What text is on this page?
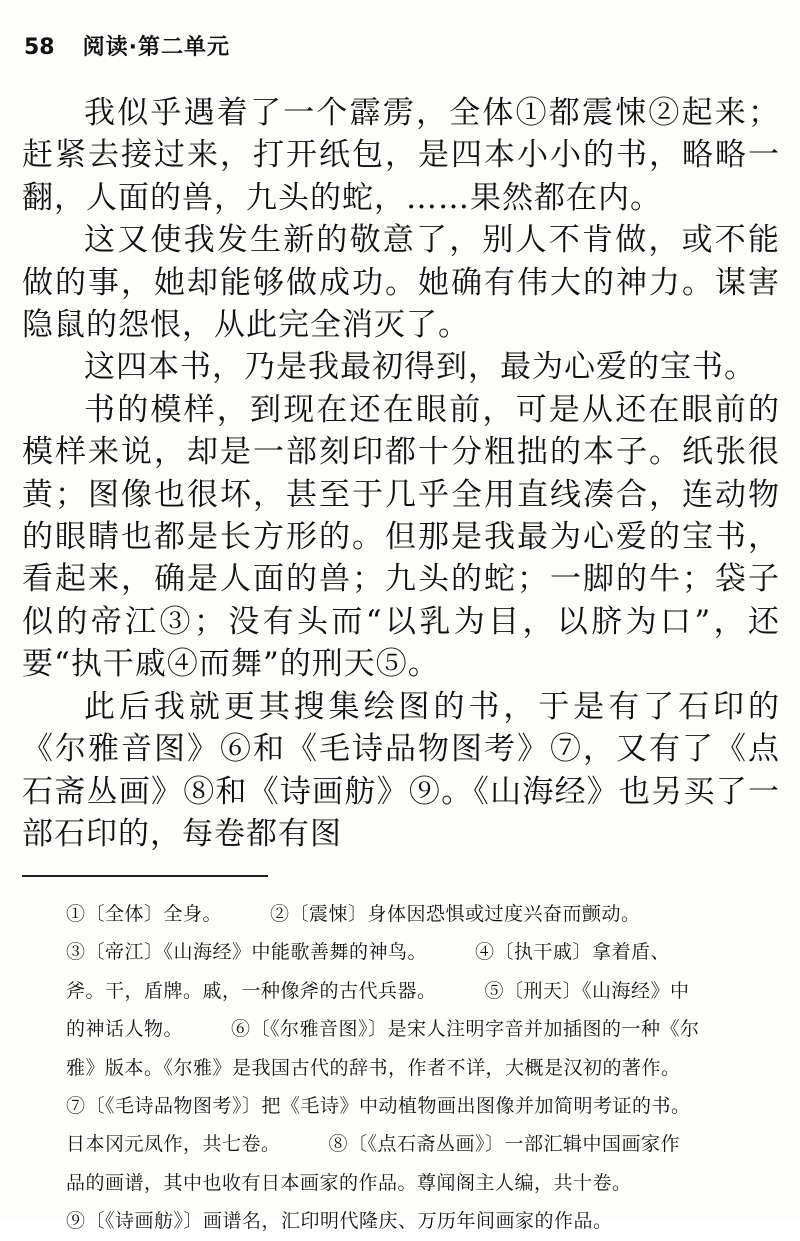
58 阅读·第二单元

我似乎遇着了一个霹雳，全体①都震悚②起来；赶紧去接过来，打开纸包，是四本小小的书，略略一翻，人面的兽，九头的蛇，……果然都在内。

这又使我发生新的敬意了，别人不肯做，或不能做的事，她却能够做成功。她确有伟大的神力。谋害隐鼠的怨恨，从此完全消灭了。

这四本书，乃是我最初得到，最为心爱的宝书。

书的模样，到现在还在眼前，可是从还在眼前的模样来说，却是一部刻印都十分粗拙的本子。纸张很黄；图像也很坏，甚至于几乎全用直线凑合，连动物的眼睛也都是长方形的。但那是我最为心爱的宝书，看起来，确是人面的兽；九头的蛇；一脚的牛；袋子似的帝江③；没有头而“以乳为目，以脐为口”，还要“执干戚④而舞”的刑天⑤。

此后我就更其搜集绘图的书，于是有了石印的《尔雅音图》⑥和《毛诗品物图考》⑦，又有了《点石斋丛画》⑧和《诗画舫》⑨。《山海经》也另买了一部石印的，每卷都有图

①〔全体〕全身。	②〔震悚〕身体因恐惧或过度兴奋而颤动。
③〔帝江〕《山海经》中能歌善舞的神鸟。	④〔执干戚〕拿着盾、
斧。干，盾牌。戚，一种像斧的古代兵器。	⑤〔刑天〕《山海经》中
的神话人物。	⑥〔《尔雅音图》〕是宋人注明字音并加插图的一种《尔
雅》版本。《尔雅》是我国古代的辞书，作者不详，大概是汉初的著作。
⑦〔《毛诗品物图考》〕把《毛诗》中动植物画出图像并加简明考证的书。
日本冈元凤作，共七卷。	⑧〔《点石斋丛画》〕一部汇辑中国画家作
品的画谱，其中也收有日本画家的作品。尊闻阁主人编，共十卷。
⑨〔《诗画舫》〕画谱名，汇印明代隆庆、万历年间画家的作品。
